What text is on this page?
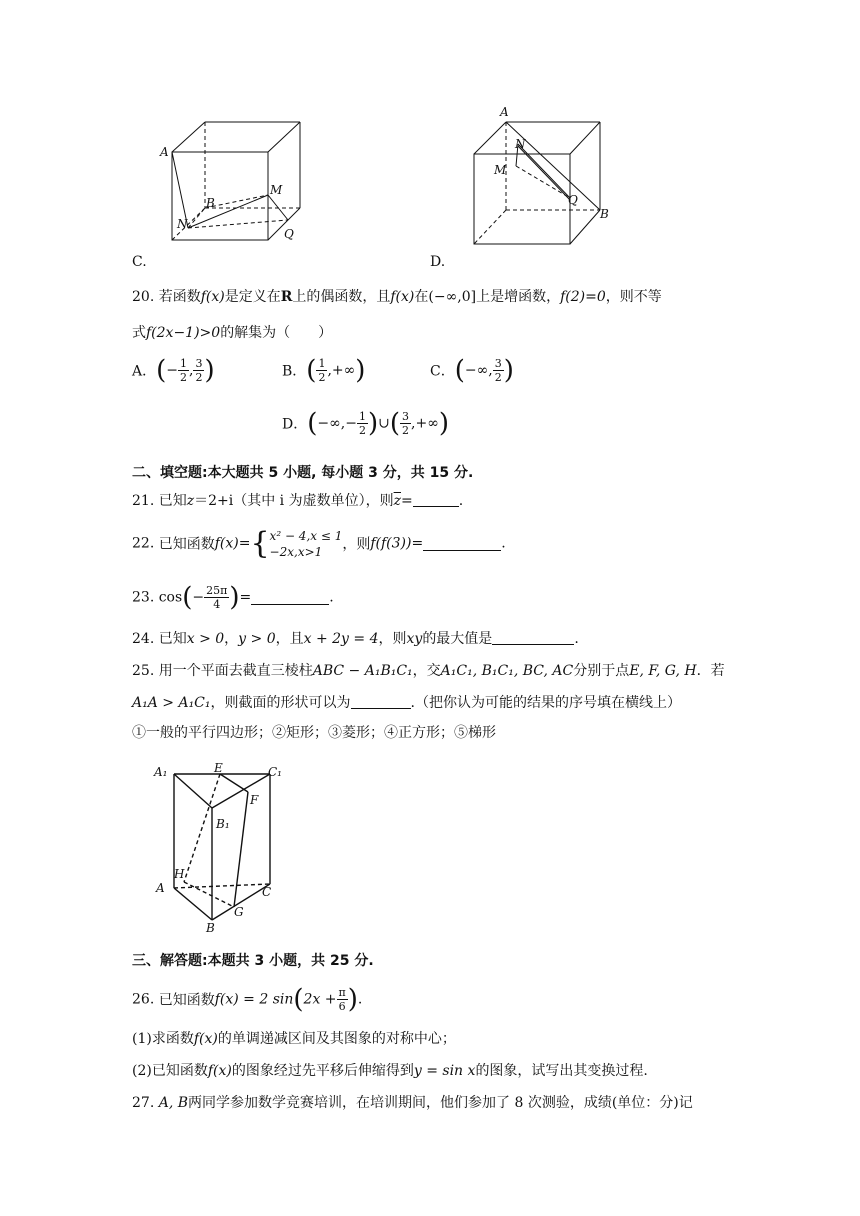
A
B
M
N
Q
C.
A
N
M
Q
B
D.
20. 若函数f(x)是定义在R上的偶函数，且f(x)在(−∞,0]上是增函数，f(2)=0，则不等
式f(2x−1)>0的解集为（　　）
A．(− $\frac{1}{2}$ , $\frac{3}{2}$ )	B．( $\frac{1}{2}$ ,+∞)	C．(−∞, $\frac{3}{2}$ )
D．(−∞,− $\frac{1}{2}$ )∪( $\frac{3}{2}$ ,+∞)
二、填空题:本大题共 5 小题, 每小题 3 分，共 15 分.
21. 已知z＝2+i（其中 i 为虚数单位），则$\overline{z}=$	.
22. 已知函数f(x)={ x² − 4,x ≤ 1
−2x,x>1	，则f(f(3))=	.
23. $\cos(- \frac{25\pi}{4}$ )=	.
24. 已知x > 0，y > 0，且x + 2y = 4，则xy的最大值是	.
25. 用一个平面去截直三棱柱ABC − A₁B₁C₁，交A₁C₁, B₁C₁, BC, AC分别于点E, F, G, H．若
A₁A > A₁C₁，则截面的形状可以为	.（把你认为可能的结果的序号填在横线上）
①一般的平行四边形；②矩形；③菱形；④正方形；⑤梯形
A₁	E	C₁
F
B₁
H
A	C
G
B
三、解答题:本题共 3 小题，共 25 分.
26. 已知函数f(x) = 2 $\sin(2x + \frac{\pi}{6}$ ).
(1)求函数f(x)的单调递减区间及其图象的对称中心；
(2)已知函数f(x)的图象经过先平移后伸缩得到y = sin x的图象，试写出其变换过程.
27. A, B两同学参加数学竞赛培训，在培训期间，他们参加了 8 次测验，成绩(单位：分)记
